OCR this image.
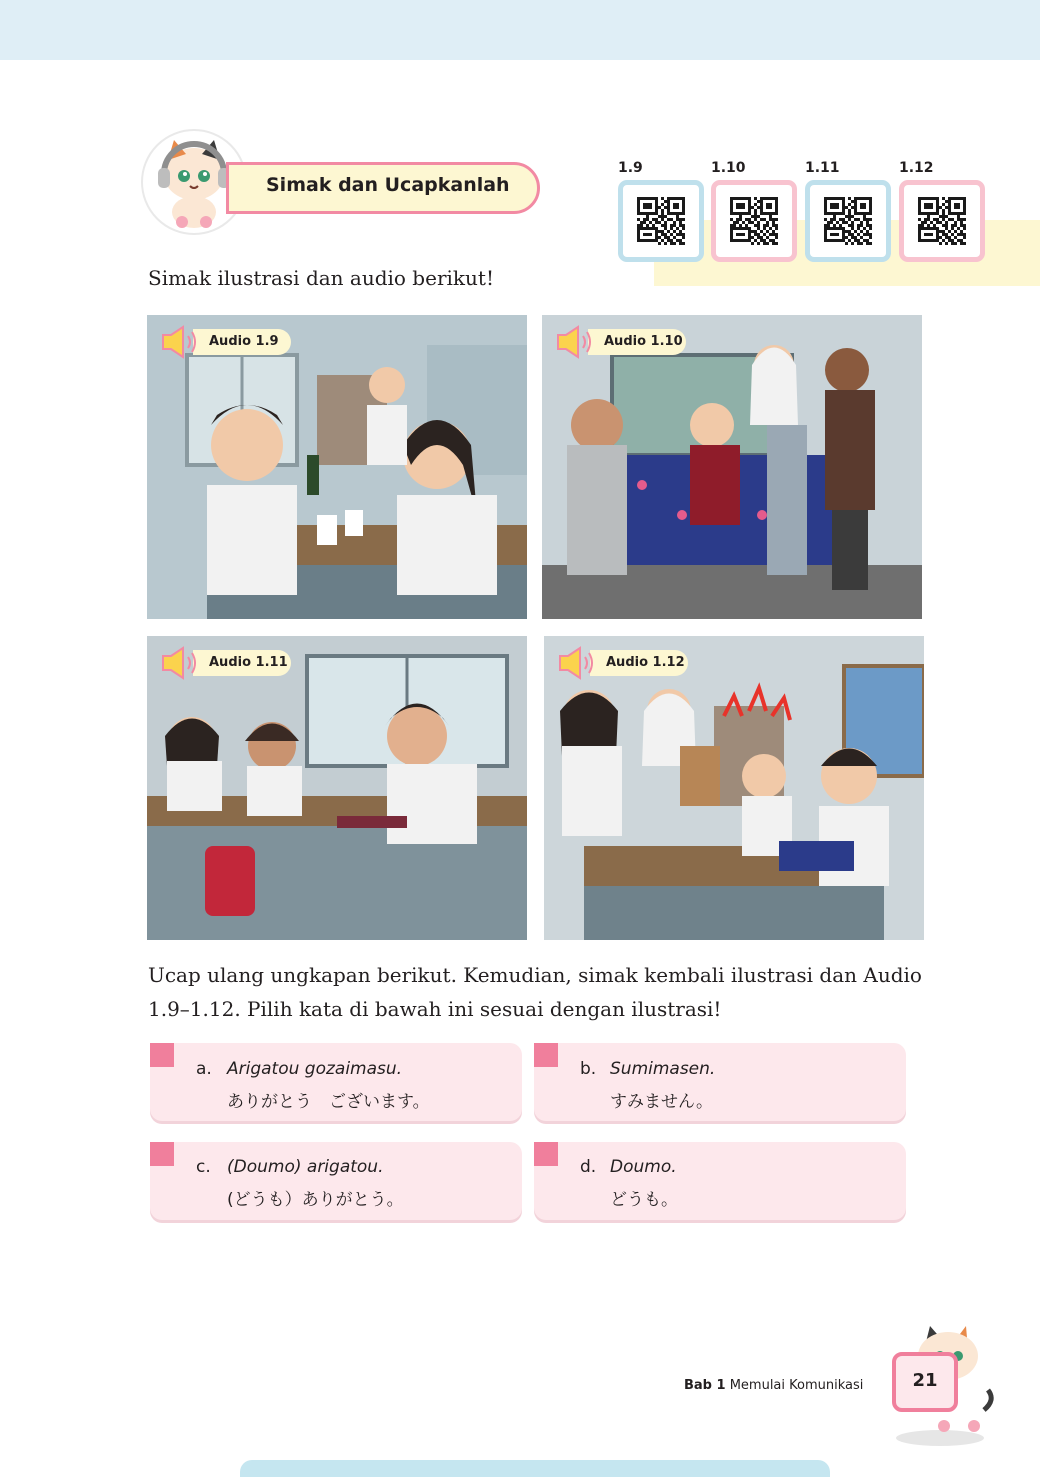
Simak dan Ucapkanlah
1.9	1.10	1.11	1.12
Simak ilustrasi dan audio berikut!
Audio 1.9	Audio 1.10
Audio 1.11	Audio 1.12
Ucap ulang ungkapan berikut. Kemudian, simak kembali ilustrasi dan Audio
1.9–1.12. Pilih kata di bawah ini sesuai dengan ilustrasi!
a. Arigatou gozaimasu.
ありがとう　ございます。
b. Sumimasen.
すみません。
c. (Doumo) arigatou.
(どうも）ありがとう。
d. Doumo.
どうも。
Bab 1 Memulai Komunikasi	21
